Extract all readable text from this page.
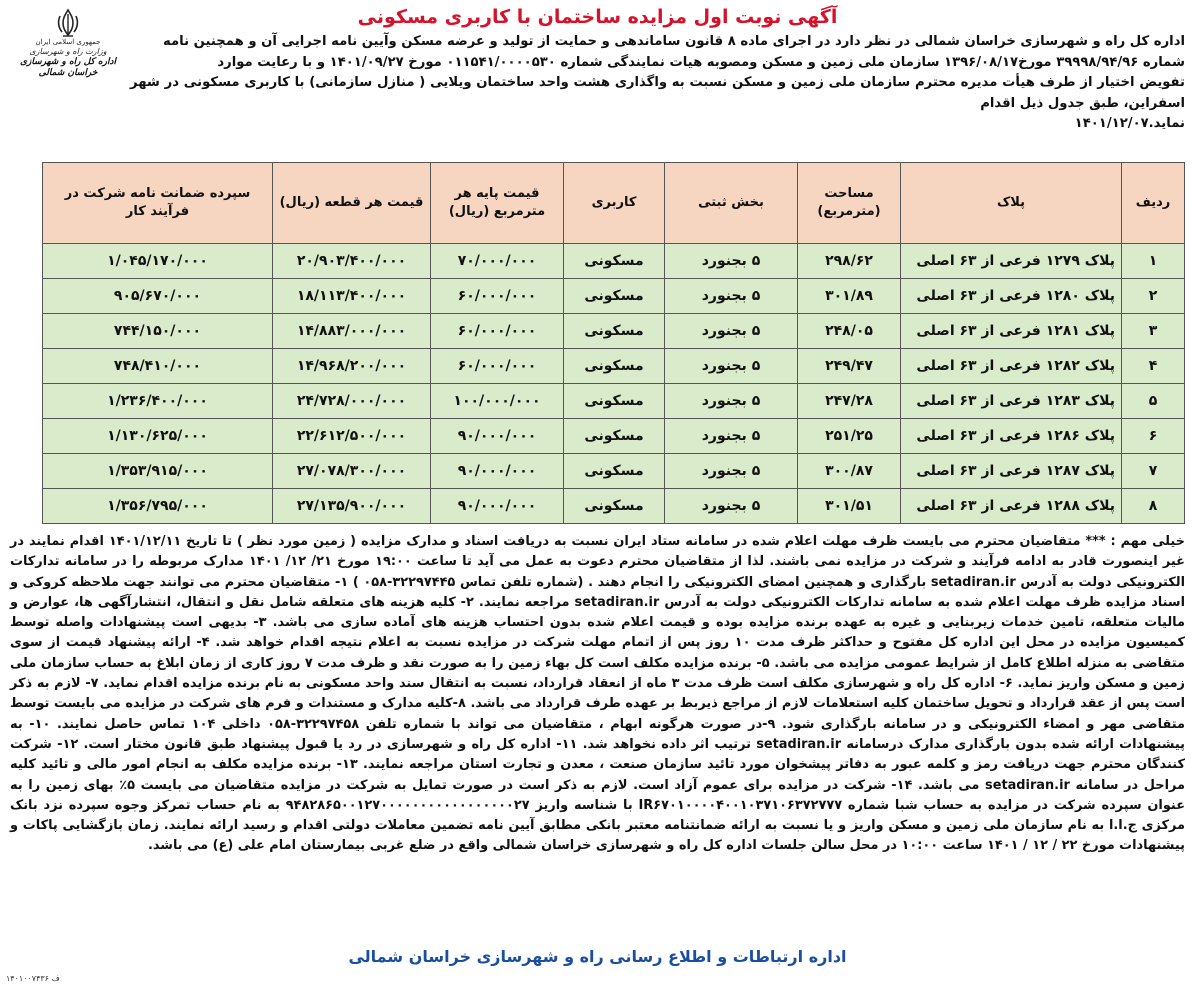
جمهوری اسلامی ایران
وزارت راه و شهرسازی
اداره کل راه و شهرسازی خراسان شمالی
آگهی نوبت اول مزایده ساختمان با کاربری مسکونی

اداره کل راه و شهرسازی خراسان شمالی در نظر دارد در اجرای ماده ۸ قانون ساماندهی و حمایت از تولید و عرضه مسکن وآیین نامه اجرایی آن و همچنین نامه

شماره ۳۹۹۹۸/۹۴/۹۶ مورخ۱۳۹۶/۰۸/۱۷ سازمان ملی زمین و مسکن ومصوبه هیات نمایندگی شماره ۰۱۱۵۴۱/۰۰۰۰۵۳۰ مورخ ۱۴۰۱/۰۹/۲۷ و با رعایت موارد

تفویض اختیار از طرف هیأت مدیره محترم سازمان ملی زمین و مسکن نسبت به واگذاری هشت واحد ساختمان ویلایی ( منازل سازمانی) با کاربری مسکونی در شهر اسفراین، طبق جدول ذیل اقدام

نماید.۱۴۰۱/۱۲/۰۷

ردیف	پلاک	مساحت (مترمربع)	بخش ثبتی	کاربری	قیمت پایه هر مترمربع (ریال)	قیمت هر قطعه (ریال)	سپرده ضمانت نامه شرکت در فرآیند کار
۱	پلاک ۱۲۷۹ فرعی از ۶۳ اصلی	۲۹۸/۶۲	۵ بجنورد	مسکونی	۷۰/۰۰۰/۰۰۰	۲۰/۹۰۳/۴۰۰/۰۰۰	۱/۰۴۵/۱۷۰/۰۰۰
۲	پلاک ۱۲۸۰ فرعی از ۶۳ اصلی	۳۰۱/۸۹	۵ بجنورد	مسکونی	۶۰/۰۰۰/۰۰۰	۱۸/۱۱۳/۴۰۰/۰۰۰	۹۰۵/۶۷۰/۰۰۰
۳	پلاک ۱۲۸۱ فرعی از ۶۳ اصلی	۲۴۸/۰۵	۵ بجنورد	مسکونی	۶۰/۰۰۰/۰۰۰	۱۴/۸۸۳/۰۰۰/۰۰۰	۷۴۴/۱۵۰/۰۰۰
۴	پلاک ۱۲۸۲ فرعی از ۶۳ اصلی	۲۴۹/۴۷	۵ بجنورد	مسکونی	۶۰/۰۰۰/۰۰۰	۱۴/۹۶۸/۲۰۰/۰۰۰	۷۴۸/۴۱۰/۰۰۰
۵	پلاک ۱۲۸۳ فرعی از ۶۳ اصلی	۲۴۷/۲۸	۵ بجنورد	مسکونی	۱۰۰/۰۰۰/۰۰۰	۲۴/۷۲۸/۰۰۰/۰۰۰	۱/۲۳۶/۴۰۰/۰۰۰
۶	پلاک ۱۲۸۶ فرعی از ۶۳ اصلی	۲۵۱/۲۵	۵ بجنورد	مسکونی	۹۰/۰۰۰/۰۰۰	۲۲/۶۱۲/۵۰۰/۰۰۰	۱/۱۳۰/۶۲۵/۰۰۰
۷	پلاک ۱۲۸۷ فرعی از ۶۳ اصلی	۳۰۰/۸۷	۵ بجنورد	مسکونی	۹۰/۰۰۰/۰۰۰	۲۷/۰۷۸/۳۰۰/۰۰۰	۱/۳۵۳/۹۱۵/۰۰۰
۸	پلاک ۱۲۸۸ فرعی از ۶۳ اصلی	۳۰۱/۵۱	۵ بجنورد	مسکونی	۹۰/۰۰۰/۰۰۰	۲۷/۱۳۵/۹۰۰/۰۰۰	۱/۳۵۶/۷۹۵/۰۰۰
خیلی مهم : *** متقاضیان محترم می بایست ظرف مهلت اعلام شده در سامانه ستاد ایران نسبت به دریافت اسناد و مدارک مزایده ( زمین مورد نظر ) تا تاریخ ۱۴۰۱/۱۲/۱۱ اقدام نمایند در غیر اینصورت قادر به ادامه فرآیند و شرکت در مزایده نمی باشند. لذا از متقاضیان محترم دعوت به عمل می آید تا ساعت ۱۹:۰۰ مورخ ۲۱/ ۱۲/ ۱۴۰۱ مدارک مربوطه را در سامانه تدارکات الکترونیکی دولت به آدرس setadiran.ir بارگذاری و همچنین امضای الکترونیکی را انجام دهند . (شماره تلفن تماس ۳۲۲۹۷۴۴۵-۰۵۸ ) ۱- متقاضیان محترم می توانند جهت ملاحظه کروکی و اسناد مزایده ظرف مهلت اعلام شده به سامانه تدارکات الکترونیکی دولت به آدرس setadiran.ir مراجعه نمایند. ۲- کلیه هزینه های متعلقه شامل نقل و انتقال، انتشارآگهی ها، عوارض و مالیات متعلقه، تامین خدمات زیربنایی و غیره به عهده برنده مزایده بوده و قیمت اعلام شده بدون احتساب هزینه های آماده سازی می باشد. ۳- بدیهی است پیشنهادات واصله توسط کمیسیون مزایده در محل این اداره کل مفتوح و حداکثر ظرف مدت ۱۰ روز پس از اتمام مهلت شرکت در مزایده نسبت به اعلام نتیجه اقدام خواهد شد. ۴- ارائه پیشنهاد قیمت از سوی متقاضی به منزله اطلاع کامل از شرایط عمومی مزایده می باشد. ۵- برنده مزایده مکلف است کل بهاء زمین را به صورت نقد و ظرف مدت ۷ روز کاری از زمان ابلاغ به حساب سازمان ملی زمین و مسکن واریز نماید. ۶- اداره کل راه و شهرسازی مکلف است ظرف مدت ۳ ماه از انعقاد قرارداد، نسبت به انتقال سند واحد مسکونی به نام برنده مزایده اقدام نماید. ۷- لازم به ذکر است پس از عقد قرارداد و تحویل ساختمان کلیه استعلامات لازم از مراجع ذیربط بر عهده طرف قرارداد می باشد. ۸-کلیه مدارک و مستندات و فرم های شرکت در مزایده می بایست توسط متقاضی مهر و امضاء الکترونیکی و در سامانه بارگذاری شود. ۹-در صورت هرگونه ابهام ، متقاضیان می تواند با شماره تلفن ۳۲۲۹۷۴۵۸-۰۵۸ داخلی ۱۰۴ تماس حاصل نمایند. ۱۰- به پیشنهادات ارائه شده بدون بارگذاری مدارک درسامانه setadiran.ir ترتیب اثر داده نخواهد شد. ۱۱- اداره کل راه و شهرسازی در رد یا قبول پیشنهاد طبق قانون مختار است. ۱۲- شرکت کنندگان محترم جهت دریافت رمز و کلمه عبور به دفاتر پیشخوان مورد تائید سازمان صنعت ، معدن و تجارت استان مراجعه نمایند. ۱۳- برنده مزایده مکلف به انجام امور مالی و تائید کلیه مراحل در سامانه setadiran.ir می باشد. ۱۴- شرکت در مزایده برای عموم آزاد است. لازم به ذکر است در صورت تمایل به شرکت در مزایده متقاضیان می بایست ۵٪ بهای زمین را به عنوان سپرده شرکت در مزایده به حساب شبا شماره IR۶۷۰۱۰۰۰۰۴۰۰۱۰۳۷۱۰۶۳۷۲۷۷۷ با شناسه واریز ۹۴۸۲۸۶۵۰۰۱۲۷۰۰۰۰۰۰۰۰۰۰۰۰۰۰۰۰۰۲۷ به نام حساب تمرکز وجوه سپرده نزد بانک مرکزی ج.ا.ا به نام سازمان ملی زمین و مسکن واریز و یا نسبت به ارائه ضمانتنامه معتبر بانکی مطابق آیین نامه تضمین معاملات دولتی اقدام و رسید ارائه نمایند. زمان بازگشایی پاکات و پیشنهادات مورخ ۲۲ / ۱۲ / ۱۴۰۱ ساعت ۱۰:۰۰ در محل سالن جلسات اداره کل راه و شهرسازی خراسان شمالی واقع در ضلع غربی بیمارستان امام علی (ع) می باشد.
اداره ارتباطات و اطلاع رسانی راه و شهرسازی خراسان شمالی
۱۴۰۱۰۰۷۴۳۶ ف
